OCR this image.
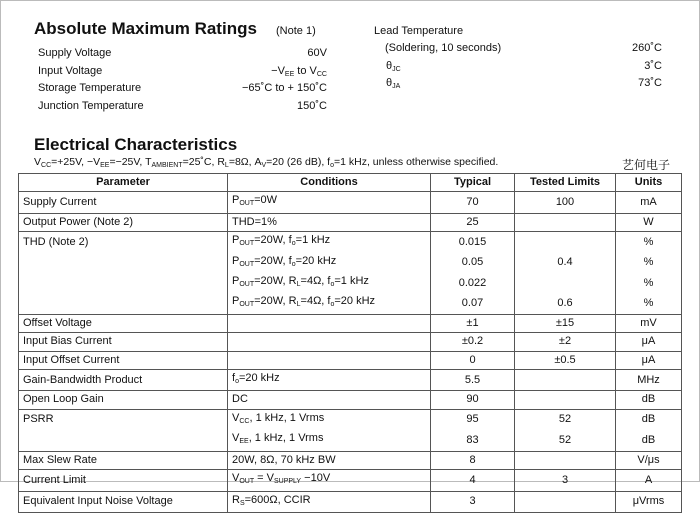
Absolute Maximum Ratings (Note 1)
Supply Voltage	60V
Input Voltage	$-V_{EE}$ to $V_{CC}$
Storage Temperature	−65˚C to + 150˚C
Junction Temperature	150˚C
Lead Temperature
(Soldering, 10 seconds)	260˚C
$\theta_{JC}$	3˚C
$\theta_{JA}$	73˚C
Electrical Characteristics
$V_{CC}=+25V$, $-V_{EE}=-25V$, $T_{AMBIENT}=25˚C$, $R_L=8\Omega$, $A_V=20$ (26 dB), $f_o=1$ kHz, unless otherwise specified.	艺何电子
Parameter	Conditions	Typical	Tested Limits	Units
Supply Current	$P_{OUT}=0W$	70	100	mA
Output Power (Note 2)	THD=1%	25		W
THD (Note 2)	$P_{OUT}=20W$, $f_o=1$ kHz	0.015		%
	$P_{OUT}=20W$, $f_o=20$ kHz	0.05	0.4	%
	$P_{OUT}=20W$, $R_L=4\Omega$, $f_o=1$ kHz	0.022		%
	$P_{OUT}=20W$, $R_L=4\Omega$, $f_o=20$ kHz	0.07	0.6	%
Offset Voltage		±1	±15	mV
Input Bias Current		±0.2	±2	μA
Input Offset Current		0	±0.5	μA
Gain-Bandwidth Product	$f_o=20$ kHz	5.5		MHz
Open Loop Gain	DC	90		dB
PSRR	$V_{CC}$, 1 kHz, 1 Vrms	95	52	dB
	$V_{EE}$, 1 kHz, 1 Vrms	83	52	dB
Max Slew Rate	20W, 8Ω, 70 kHz BW	8		V/μs
Current Limit	$V_{OUT} = V_{SUPPLY} -10V$	4	3	A
Equivalent Input Noise Voltage	$R_S=600\Omega$, CCIR	3		μVrms
